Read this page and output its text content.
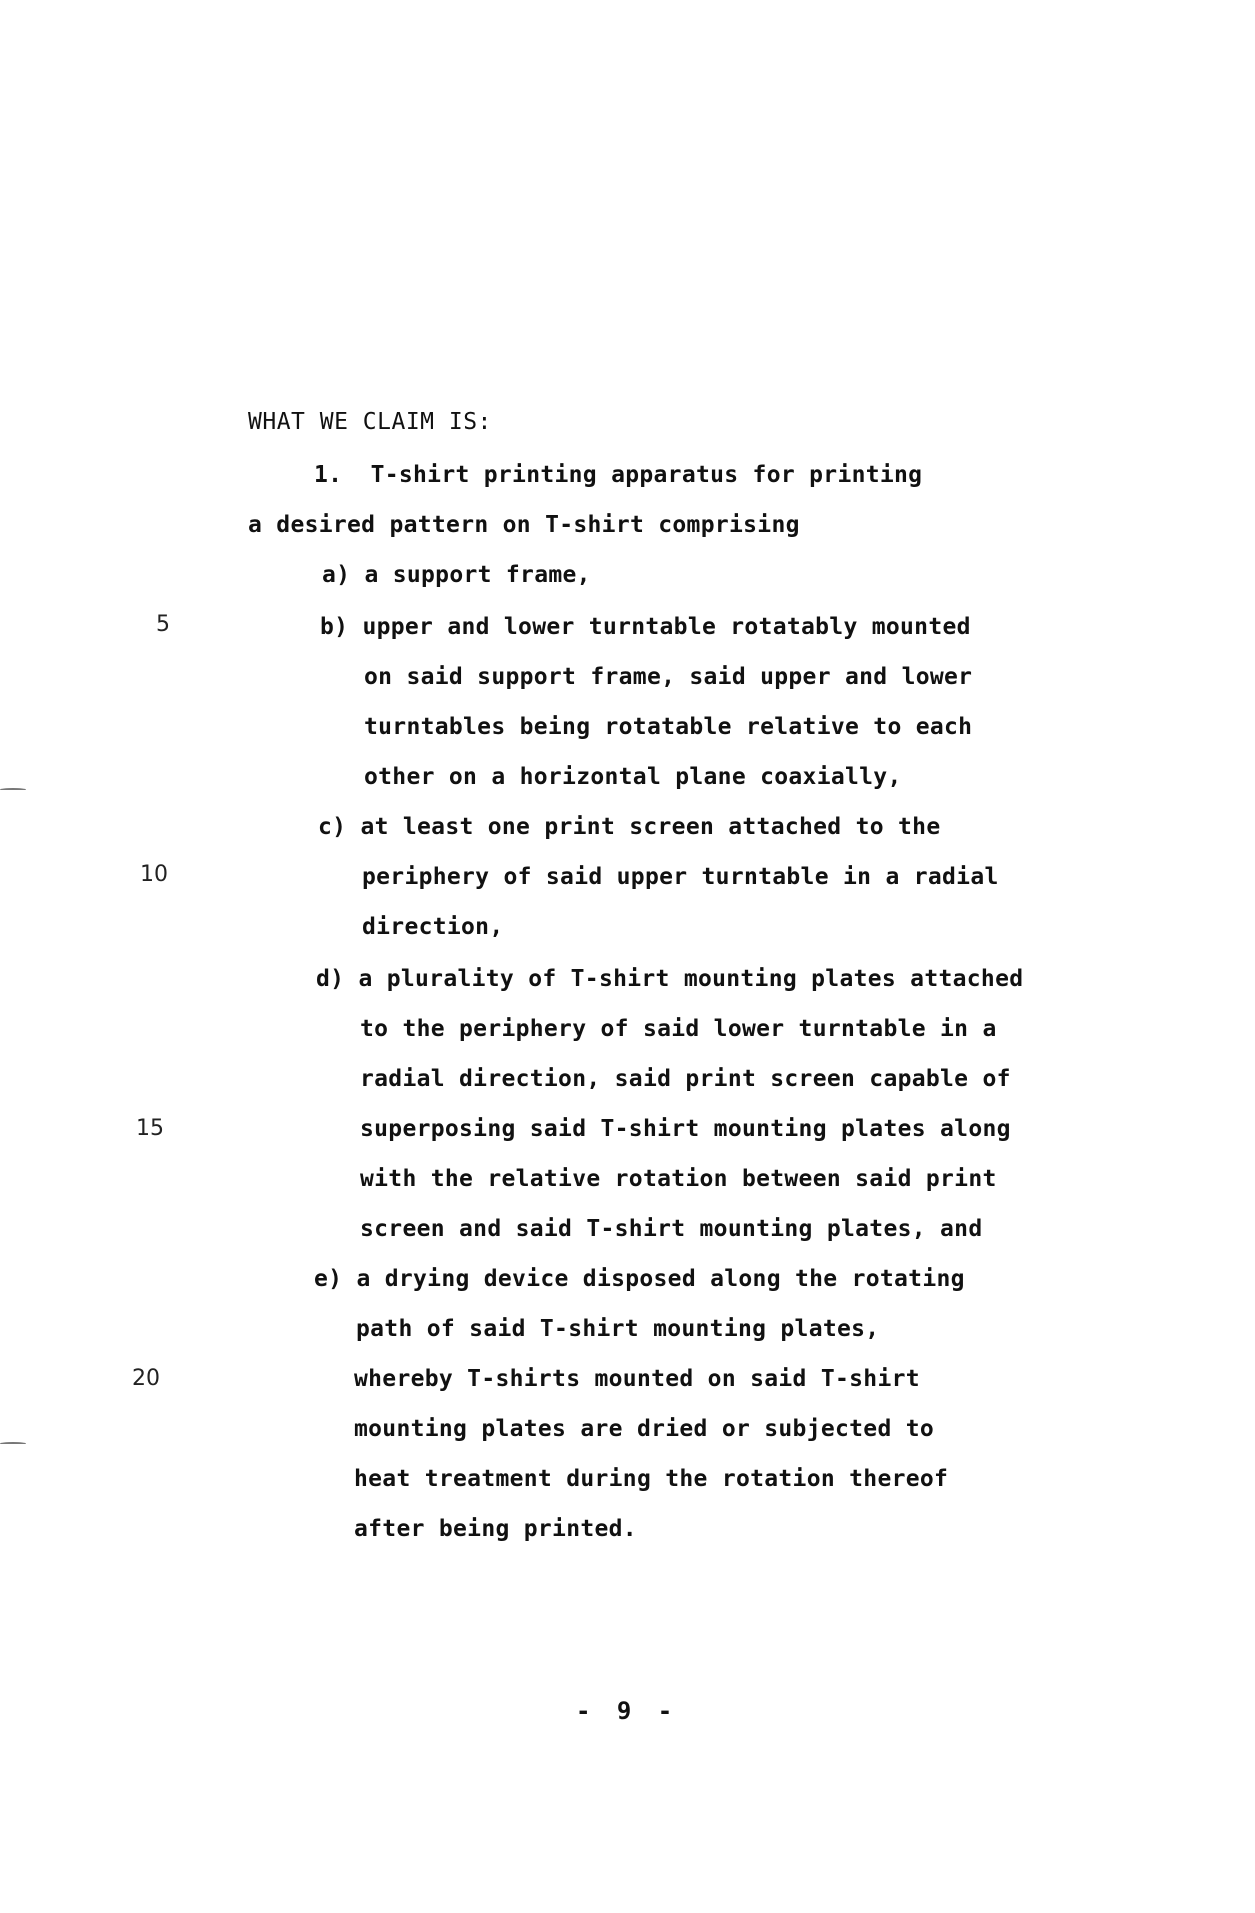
WHAT WE CLAIM IS:
1.  T-shirt printing apparatus for printing
a desired pattern on T-shirt comprising
a) a support frame,
b) upper and lower turntable rotatably mounted
on said support frame, said upper and lower
turntables being rotatable relative to each
other on a horizontal plane coaxially,
c) at least one print screen attached to the
periphery of said upper turntable in a radial
direction,
d) a plurality of T-shirt mounting plates attached
to the periphery of said lower turntable in a
radial direction, said print screen capable of
superposing said T-shirt mounting plates along
with the relative rotation between said print
screen and said T-shirt mounting plates, and
e) a drying device disposed along the rotating
path of said T-shirt mounting plates,
whereby T-shirts mounted on said T-shirt
mounting plates are dried or subjected to
heat treatment during the rotation thereof
after being printed.
5
10
15
20
- 9 -
